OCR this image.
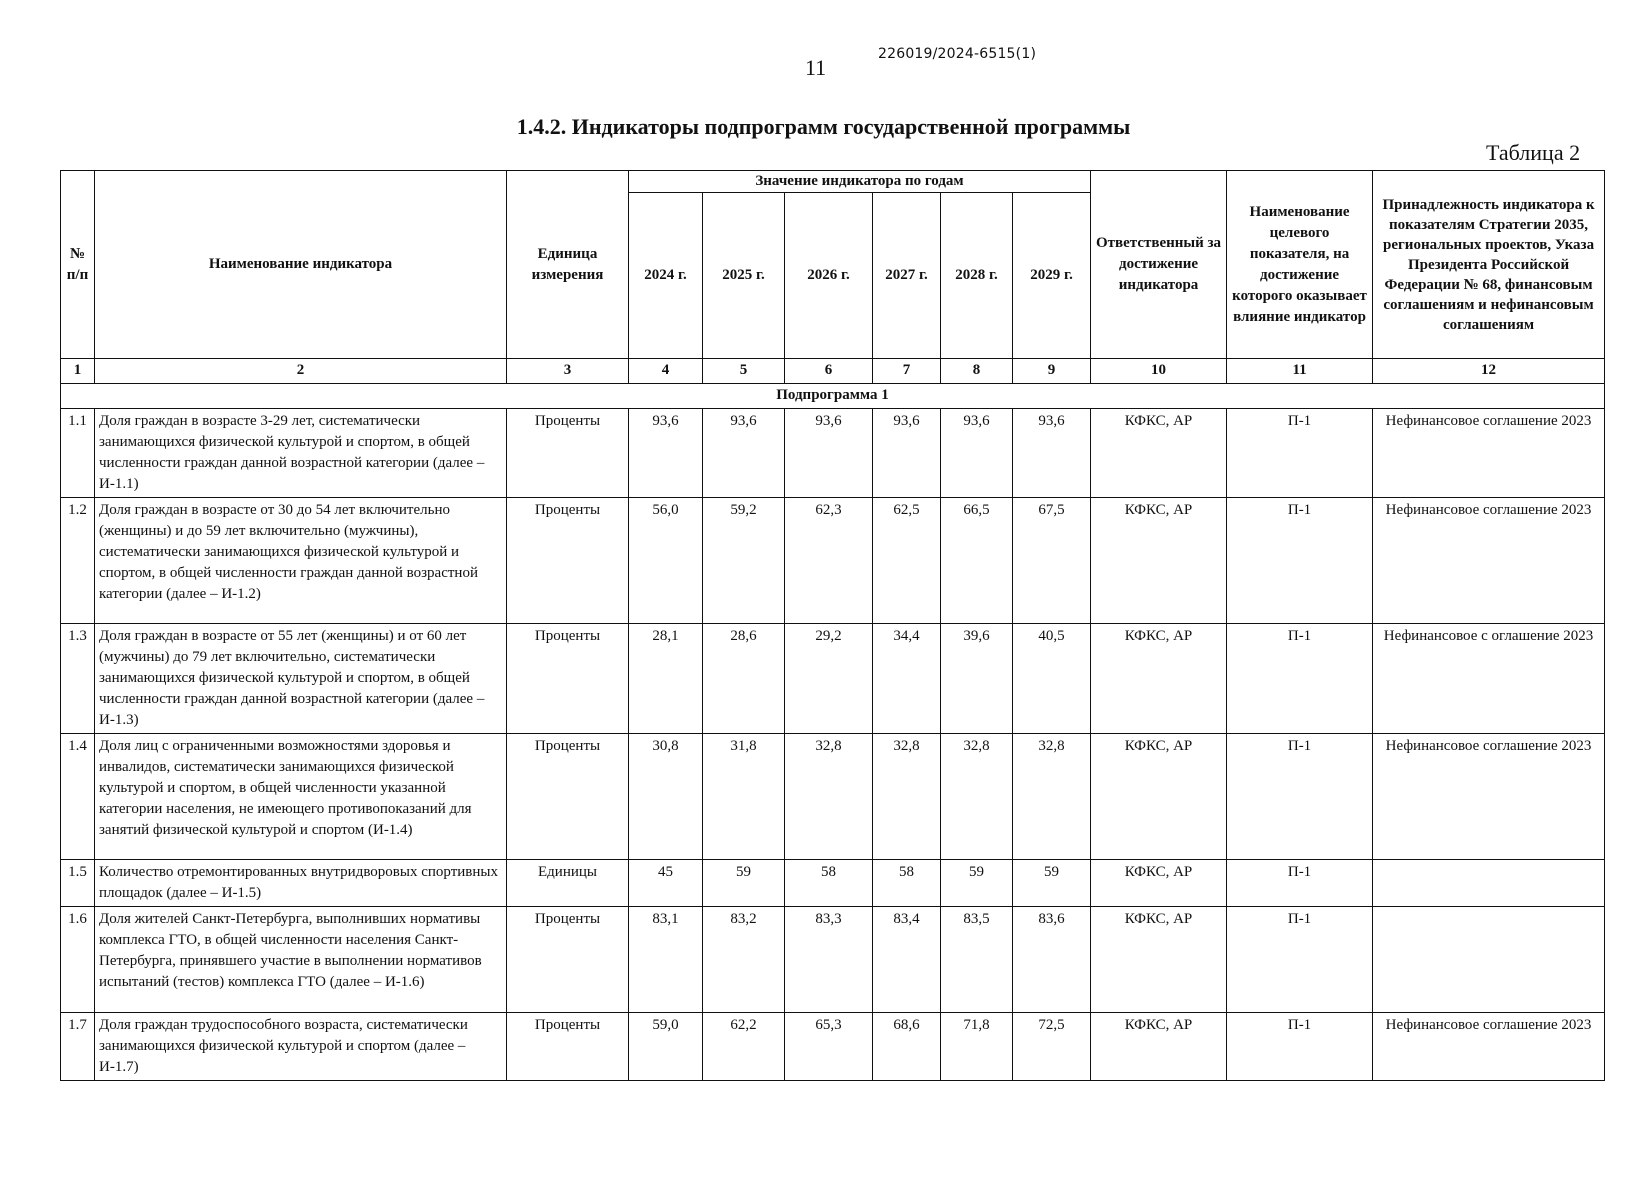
11
226019/2024-6515(1)
1.4.2. Индикаторы подпрограмм государственной программы
Таблица 2
№ п/п	Наименование индикатора	Единица измерения	Значение индикатора по годам						Ответственный за достижение индикатора	Наименование целевого показателя, на достижение которого оказывает влияние индикатор	Принадлежность индикатора к показателям Стратегии 2035, региональных проектов, Указа Президента Российской Федерации № 68, финансовым соглашениям и нефинансовым соглашениям
			2024 г.	2025 г.	2026 г.	2027 г.	2028 г.	2029 г.			
1	2	3	4	5	6	7	8	9	10	11	12
Подпрограмма 1											
1.1	Доля граждан в возрасте 3-29 лет, систематически занимающихся физической культурой и спортом, в общей численности граждан данной возрастной категории (далее – И-1.1)	Проценты	93,6	93,6	93,6	93,6	93,6	93,6	КФКС, АР	П-1	Нефинансовое соглашение 2023
1.2	Доля граждан в возрасте от 30 до 54 лет включительно (женщины) и до 59 лет включительно (мужчины), систематически занимающихся физической культурой и спортом, в общей численности граждан данной возрастной категории (далее – И-1.2)	Проценты	56,0	59,2	62,3	62,5	66,5	67,5	КФКС, АР	П-1	Нефинансовое соглашение 2023
1.3	Доля граждан в возрасте от 55 лет (женщины) и от 60 лет (мужчины) до 79 лет включительно, систематически занимающихся физической культурой и спортом, в общей численности граждан данной возрастной категории (далее – И-1.3)	Проценты	28,1	28,6	29,2	34,4	39,6	40,5	КФКС, АР	П-1	Нефинансовое с оглашение 2023
1.4	Доля лиц с ограниченными возможностями здоровья и инвалидов, систематически занимающихся физической культурой и спортом, в общей численности указанной категории населения, не имеющего противопоказаний для занятий физической культурой и спортом (И-1.4)	Проценты	30,8	31,8	32,8	32,8	32,8	32,8	КФКС, АР	П-1	Нефинансовое соглашение 2023
1.5	Количество отремонтированных внутридворовых спортивных площадок (далее – И-1.5)	Единицы	45	59	58	58	59	59	КФКС, АР	П-1	
1.6	Доля жителей Санкт-Петербурга, выполнивших нормативы комплекса ГТО, в общей численности населения Санкт-Петербурга, принявшего участие в выполнении нормативов испытаний (тестов) комплекса ГТО (далее – И-1.6)	Проценты	83,1	83,2	83,3	83,4	83,5	83,6	КФКС, АР	П-1	
1.7	Доля граждан трудоспособного возраста, систематически занимающихся физической культурой и спортом (далее – И-1.7)	Проценты	59,0	62,2	65,3	68,6	71,8	72,5	КФКС, АР	П-1	Нефинансовое соглашение 2023
